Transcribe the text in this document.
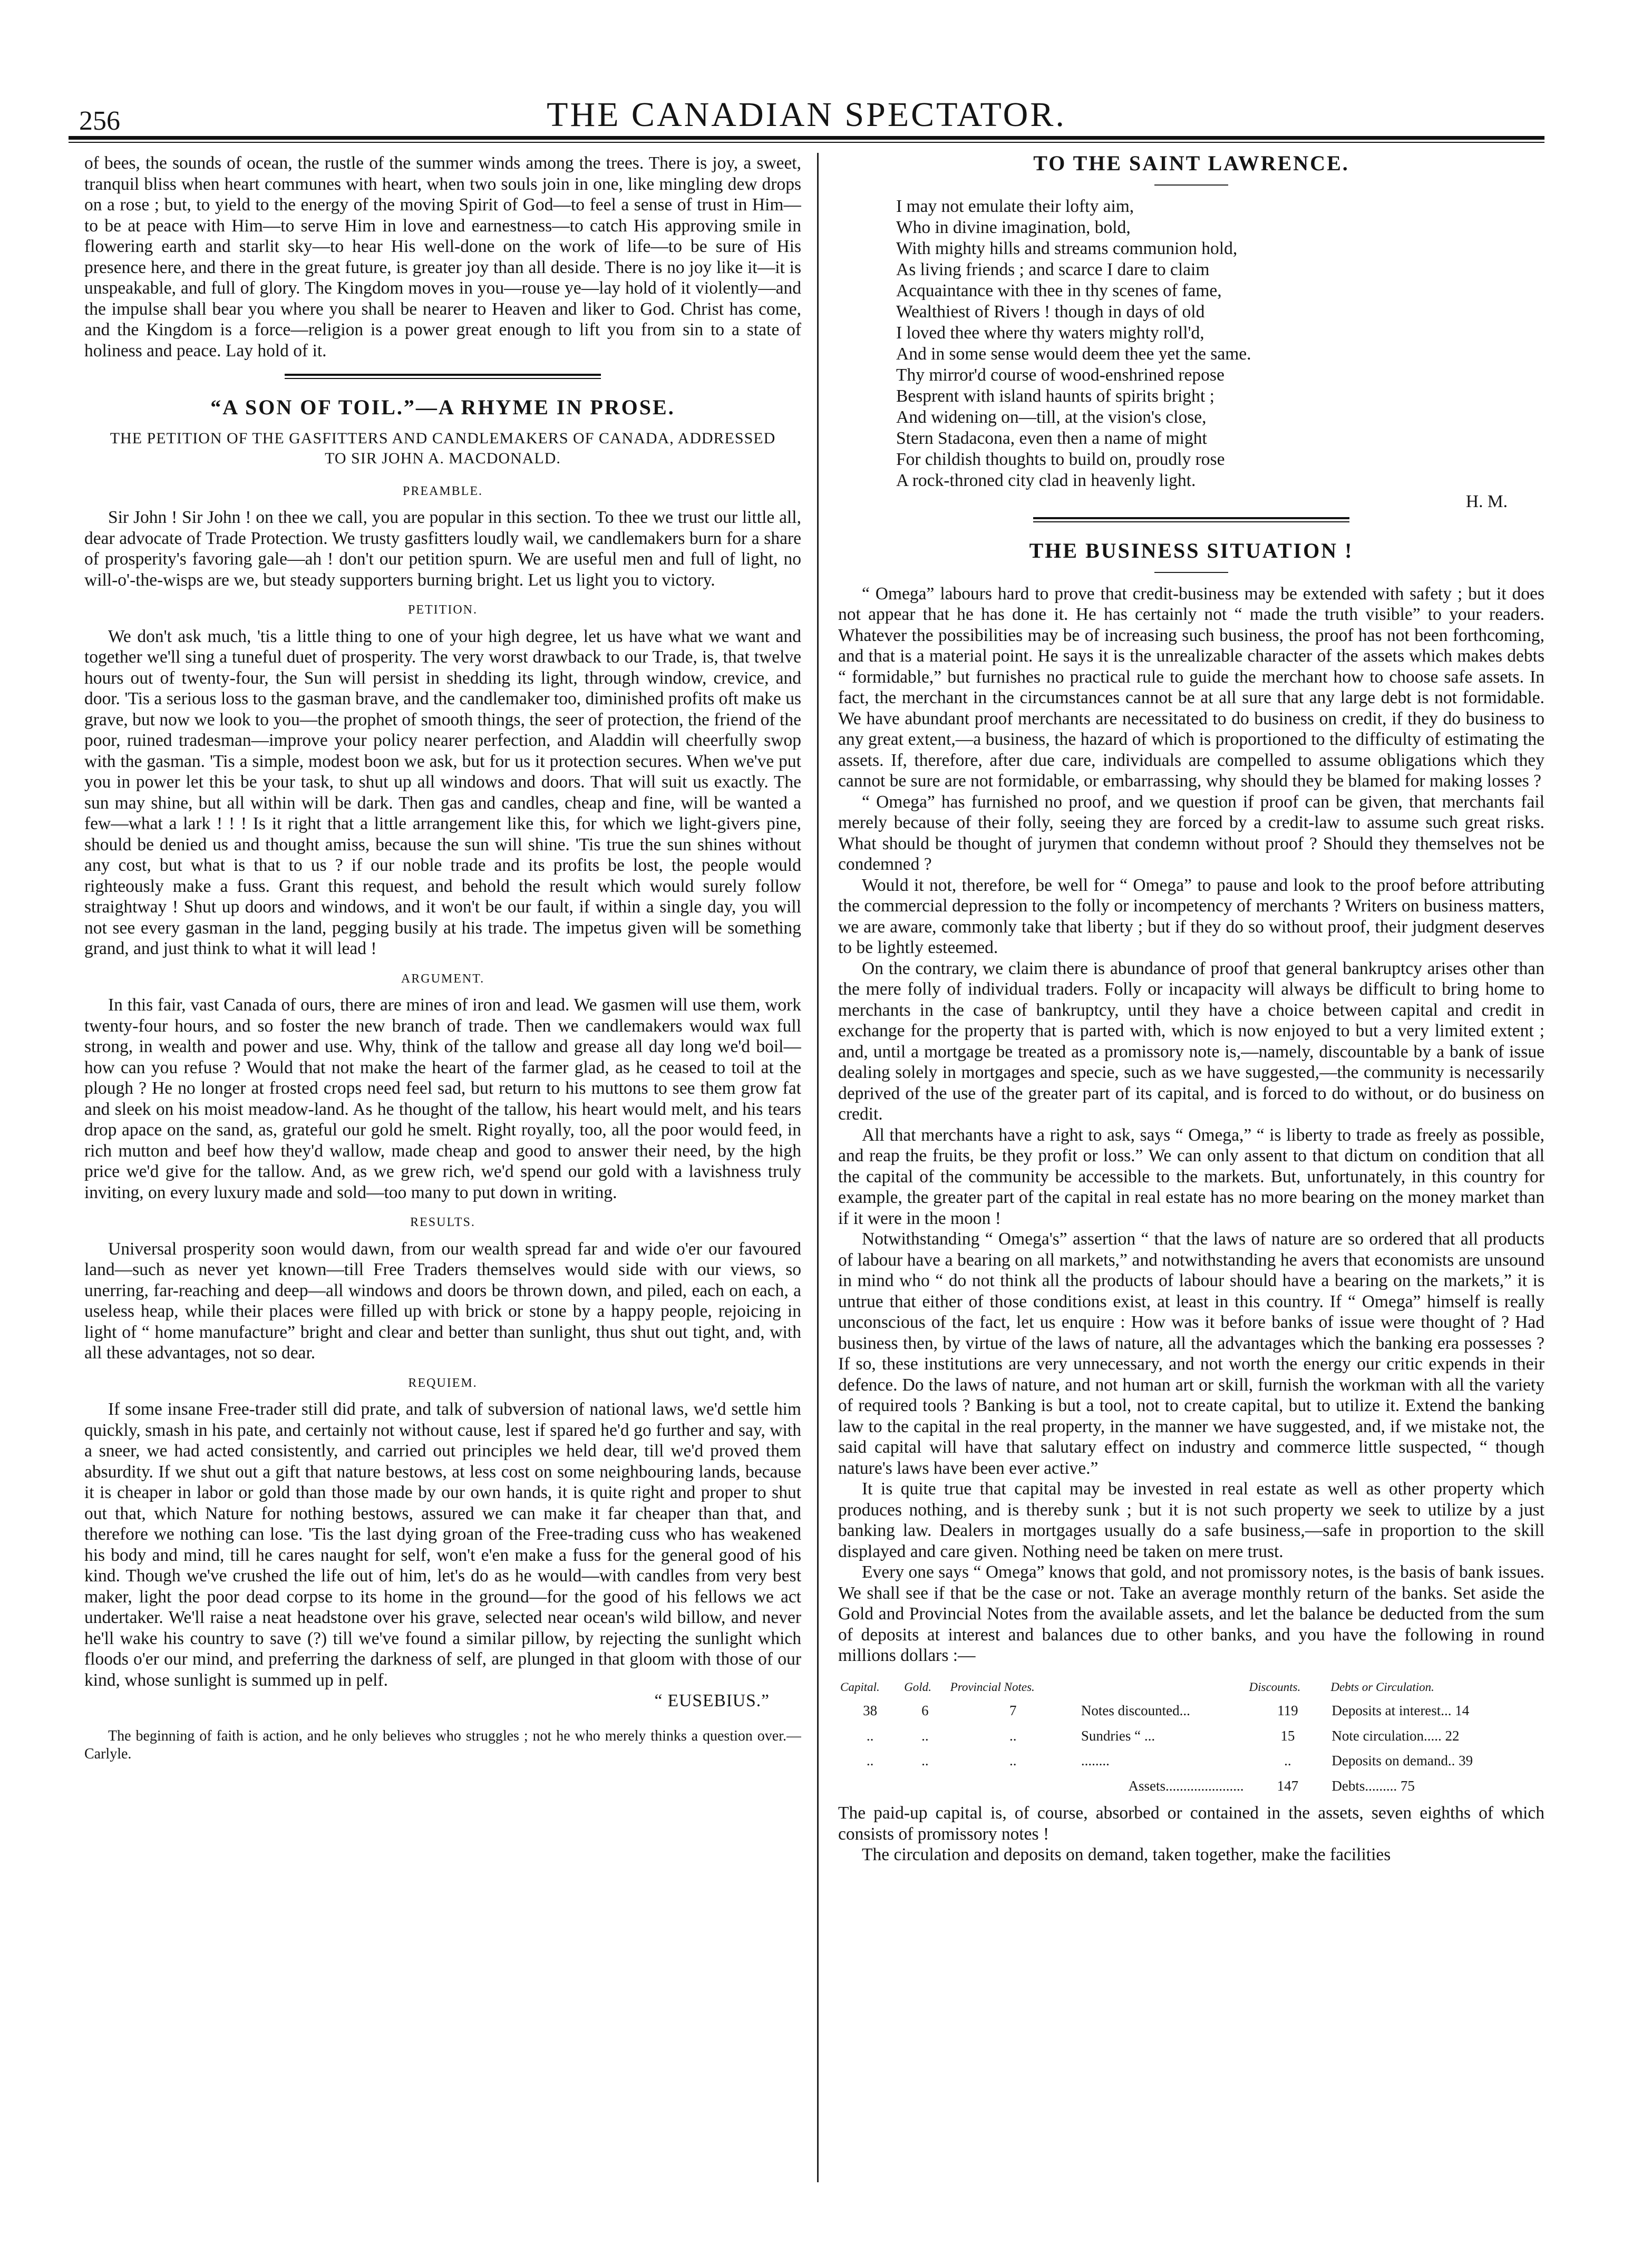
256	THE CANADIAN SPECTATOR.

of bees, the sounds of ocean, the rustle of the summer winds among the trees. There is joy, a sweet, tranquil bliss when heart communes with heart, when two souls join in one, like mingling dew drops on a rose ; but, to yield to the energy of the moving Spirit of God—to feel a sense of trust in Him—to be at peace with Him—to serve Him in love and earnestness—to catch His approving smile in flowering earth and starlit sky—to hear His well-done on the work of life—to be sure of His presence here, and there in the great future, is greater joy than all deside. There is no joy like it—it is unspeakable, and full of glory. The Kingdom moves in you—rouse ye—lay hold of it violently—and the impulse shall bear you where you shall be nearer to Heaven and liker to God. Christ has come, and the Kingdom is a force—religion is a power great enough to lift you from sin to a state of holiness and peace. Lay hold of it.

“A SON OF TOIL.”—A RHYME IN PROSE.
THE PETITION OF THE GASFITTERS AND CANDLEMAKERS OF CANADA, ADDRESSED TO SIR JOHN A. MACDONALD.
PREAMBLE.

Sir John ! Sir John ! on thee we call, you are popular in this section. To thee we trust our little all, dear advocate of Trade Protection. We trusty gasfitters loudly wail, we candlemakers burn for a share of prosperity's favoring gale—ah ! don't our petition spurn. We are useful men and full of light, no will-o'-the-wisps are we, but steady supporters burning bright. Let us light you to victory.

PETITION.

We don't ask much, 'tis a little thing to one of your high degree, let us have what we want and together we'll sing a tuneful duet of prosperity. The very worst drawback to our Trade, is, that twelve hours out of twenty-four, the Sun will persist in shedding its light, through window, crevice, and door. 'Tis a serious loss to the gasman brave, and the candlemaker too, diminished profits oft make us grave, but now we look to you—the prophet of smooth things, the seer of protection, the friend of the poor, ruined tradesman—improve your policy nearer perfection, and Aladdin will cheerfully swop with the gasman. 'Tis a simple, modest boon we ask, but for us it protection secures. When we've put you in power let this be your task, to shut up all windows and doors. That will suit us exactly. The sun may shine, but all within will be dark. Then gas and candles, cheap and fine, will be wanted a few—what a lark ! ! ! Is it right that a little arrangement like this, for which we light-givers pine, should be denied us and thought amiss, because the sun will shine. 'Tis true the sun shines without any cost, but what is that to us ? if our noble trade and its profits be lost, the people would righteously make a fuss. Grant this request, and behold the result which would surely follow straightway ! Shut up doors and windows, and it won't be our fault, if within a single day, you will not see every gasman in the land, pegging busily at his trade. The impetus given will be something grand, and just think to what it will lead !

ARGUMENT.

In this fair, vast Canada of ours, there are mines of iron and lead. We gasmen will use them, work twenty-four hours, and so foster the new branch of trade. Then we candlemakers would wax full strong, in wealth and power and use. Why, think of the tallow and grease all day long we'd boil—how can you refuse ? Would that not make the heart of the farmer glad, as he ceased to toil at the plough ? He no longer at frosted crops need feel sad, but return to his muttons to see them grow fat and sleek on his moist meadow-land. As he thought of the tallow, his heart would melt, and his tears drop apace on the sand, as, grateful our gold he smelt. Right royally, too, all the poor would feed, in rich mutton and beef how they'd wallow, made cheap and good to answer their need, by the high price we'd give for the tallow. And, as we grew rich, we'd spend our gold with a lavishness truly inviting, on every luxury made and sold—too many to put down in writing.

RESULTS.

Universal prosperity soon would dawn, from our wealth spread far and wide o'er our favoured land—such as never yet known—till Free Traders themselves would side with our views, so unerring, far-reaching and deep—all windows and doors be thrown down, and piled, each on each, a useless heap, while their places were filled up with brick or stone by a happy people, rejoicing in light of “ home manufacture” bright and clear and better than sunlight, thus shut out tight, and, with all these advantages, not so dear.

REQUIEM.

If some insane Free-trader still did prate, and talk of subversion of national laws, we'd settle him quickly, smash in his pate, and certainly not without cause, lest if spared he'd go further and say, with a sneer, we had acted consistently, and carried out principles we held dear, till we'd proved them absurdity. If we shut out a gift that nature bestows, at less cost on some neighbouring lands, because it is cheaper in labor or gold than those made by our own hands, it is quite right and proper to shut out that, which Nature for nothing bestows, assured we can make it far cheaper than that, and therefore we nothing can lose. 'Tis the last dying groan of the Free-trading cuss who has weakened his body and mind, till he cares naught for self, won't e'en make a fuss for the general good of his kind. Though we've crushed the life out of him, let's do as he would—with candles from very best maker, light the poor dead corpse to its home in the ground—for the good of his fellows we act undertaker. We'll raise a neat headstone over his grave, selected near ocean's wild billow, and never he'll wake his country to save (?) till we've found a similar pillow, by rejecting the sunlight which floods o'er our mind, and preferring the darkness of self, are plunged in that gloom with those of our kind, whose sunlight is summed up in pelf.

“ EUSEBIUS.”
The beginning of faith is action, and he only believes who struggles ; not he who merely thinks a question over.—Carlyle.
TO THE SAINT LAWRENCE.
I may not emulate their lofty aim,
Who in divine imagination, bold,
With mighty hills and streams communion hold,
As living friends ; and scarce I dare to claim
Acquaintance with thee in thy scenes of fame,
Wealthiest of Rivers ! though in days of old
I loved thee where thy waters mighty roll'd,
And in some sense would deem thee yet the same.
Thy mirror'd course of wood-enshrined repose
Besprent with island haunts of spirits bright ;
And widening on—till, at the vision's close,
Stern Stadacona, even then a name of might
For childish thoughts to build on, proudly rose
A rock-throned city clad in heavenly light.
H. M.
THE BUSINESS SITUATION !

“ Omega” labours hard to prove that credit-business may be extended with safety ; but it does not appear that he has done it. He has certainly not “ made the truth visible” to your readers. Whatever the possibilities may be of increasing such business, the proof has not been forthcoming, and that is a material point. He says it is the unrealizable character of the assets which makes debts “ formidable,” but furnishes no practical rule to guide the merchant how to choose safe assets. In fact, the merchant in the circumstances cannot be at all sure that any large debt is not formidable. We have abundant proof merchants are necessitated to do business on credit, if they do business to any great extent,—a business, the hazard of which is proportioned to the difficulty of estimating the assets. If, therefore, after due care, individuals are compelled to assume obligations which they cannot be sure are not formidable, or embarrassing, why should they be blamed for making losses ?

“ Omega” has furnished no proof, and we question if proof can be given, that merchants fail merely because of their folly, seeing they are forced by a credit-law to assume such great risks. What should be thought of jurymen that condemn without proof ? Should they themselves not be condemned ?

Would it not, therefore, be well for “ Omega” to pause and look to the proof before attributing the commercial depression to the folly or incompetency of merchants ? Writers on business matters, we are aware, commonly take that liberty ; but if they do so without proof, their judgment deserves to be lightly esteemed.

On the contrary, we claim there is abundance of proof that general bankruptcy arises other than the mere folly of individual traders. Folly or incapacity will always be difficult to bring home to merchants in the case of bankruptcy, until they have a choice between capital and credit in exchange for the property that is parted with, which is now enjoyed to but a very limited extent ; and, until a mortgage be treated as a promissory note is,—namely, discountable by a bank of issue dealing solely in mortgages and specie, such as we have suggested,—the community is necessarily deprived of the use of the greater part of its capital, and is forced to do without, or do business on credit.

All that merchants have a right to ask, says “ Omega,” “ is liberty to trade as freely as possible, and reap the fruits, be they profit or loss.” We can only assent to that dictum on condition that all the capital of the community be accessible to the markets. But, unfortunately, in this country for example, the greater part of the capital in real estate has no more bearing on the money market than if it were in the moon !

Notwithstanding “ Omega's” assertion “ that the laws of nature are so ordered that all products of labour have a bearing on all markets,” and notwithstanding he avers that economists are unsound in mind who “ do not think all the products of labour should have a bearing on the markets,” it is untrue that either of those conditions exist, at least in this country. If “ Omega” himself is really unconscious of the fact, let us enquire : How was it before banks of issue were thought of ? Had business then, by virtue of the laws of nature, all the advantages which the banking era possesses ? If so, these institutions are very unnecessary, and not worth the energy our critic expends in their defence. Do the laws of nature, and not human art or skill, furnish the workman with all the variety of required tools ? Banking is but a tool, not to create capital, but to utilize it. Extend the banking law to the capital in the real property, in the manner we have suggested, and, if we mistake not, the said capital will have that salutary effect on industry and commerce little suspected, “ though nature's laws have been ever active.”

It is quite true that capital may be invested in real estate as well as other property which produces nothing, and is thereby sunk ; but it is not such property we seek to utilize by a just banking law. Dealers in mortgages usually do a safe business,—safe in proportion to the skill displayed and care given. Nothing need be taken on mere trust.

Every one says “ Omega” knows that gold, and not promissory notes, is the basis of bank issues. We shall see if that be the case or not. Take an average monthly return of the banks. Set aside the Gold and Provincial Notes from the available assets, and let the balance be deducted from the sum of deposits at interest and balances due to other banks, and you have the following in round millions dollars :—

Capital.	Gold.	Provincial Notes.		Discounts.	Debts or Circulation.
38	6	7	Notes discounted...	119	Deposits at interest... 14
..	..	..	Sundries “ ...	15	Note circulation..... 22
..	..	..	........	..	Deposits on demand.. 39
Assets......................				147	Debts......... 75

The paid-up capital is, of course, absorbed or contained in the assets, seven eighths of which consists of promissory notes !

The circulation and deposits on demand, taken together, make the facilities
